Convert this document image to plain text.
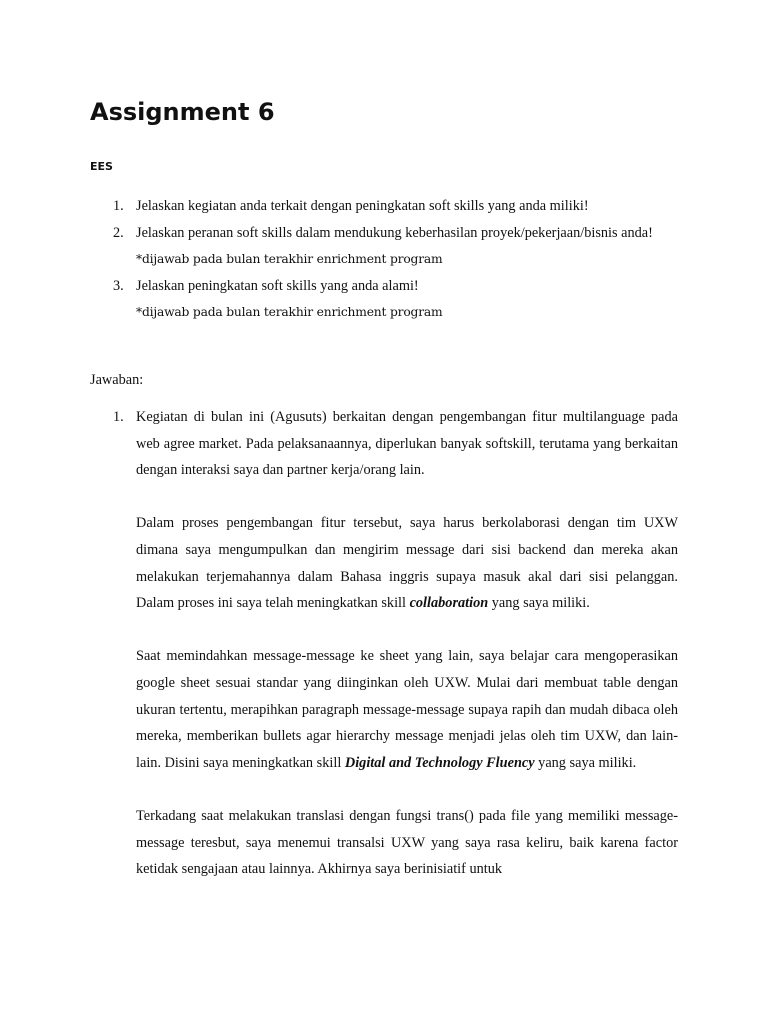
Assignment 6
EES
1. Jelaskan kegiatan anda terkait dengan peningkatan soft skills yang anda miliki!
2. Jelaskan peranan soft skills dalam mendukung keberhasilan proyek/pekerjaan/bisnis anda!
*dijawab pada bulan terakhir enrichment program
3. Jelaskan peningkatan soft skills yang anda alami!
*dijawab pada bulan terakhir enrichment program
Jawaban:
1. Kegiatan di bulan ini (Agusuts) berkaitan dengan pengembangan fitur multilanguage pada web agree market. Pada pelaksanaannya, diperlukan banyak softskill, terutama yang berkaitan dengan interaksi saya dan partner kerja/orang lain.

Dalam proses pengembangan fitur tersebut, saya harus berkolaborasi dengan tim UXW dimana saya mengumpulkan dan mengirim message dari sisi backend dan mereka akan melakukan terjemahannya dalam Bahasa inggris supaya masuk akal dari sisi pelanggan. Dalam proses ini saya telah meningkatkan skill collaboration yang saya miliki.

Saat memindahkan message-message ke sheet yang lain, saya belajar cara mengoperasikan google sheet sesuai standar yang diinginkan oleh UXW. Mulai dari membuat table dengan ukuran tertentu, merapihkan paragraph message-message supaya rapih dan mudah dibaca oleh mereka, memberikan bullets agar hierarchy message menjadi jelas oleh tim UXW, dan lain-lain. Disini saya meningkatkan skill Digital and Technology Fluency yang saya miliki.

Terkadang saat melakukan translasi dengan fungsi trans() pada file yang memiliki message-message teresbut, saya menemui transalsi UXW yang saya rasa keliru, baik karena factor ketidak sengajaan atau lainnya. Akhirnya saya berinisiatif untuk
